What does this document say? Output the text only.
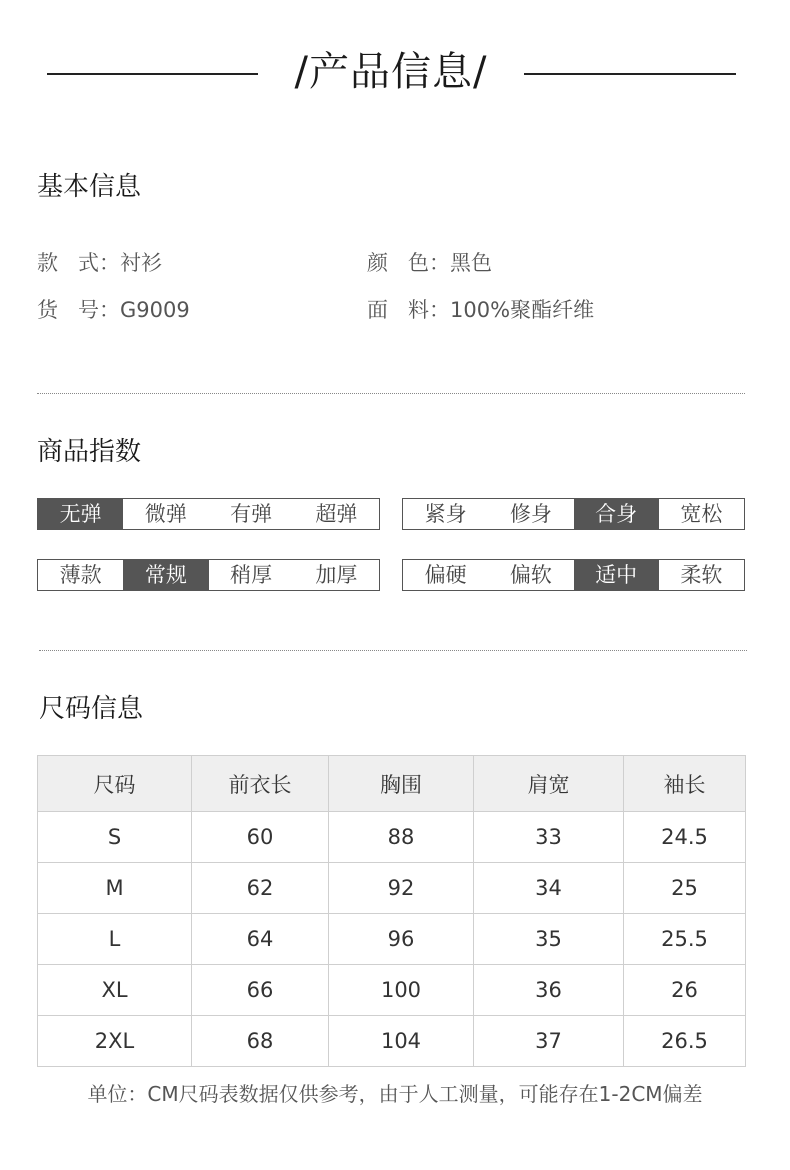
/产品信息/
基本信息
款   式：衬衫	颜   色：黑色
货   号：G9009	面   料：100%聚酯纤维
商品指数
无弹	微弹	有弹	超弹	紧身	修身	合身	宽松
薄款	常规	稍厚	加厚	偏硬	偏软	适中	柔软
尺码信息
尺码	前衣长	胸围	肩宽	袖长
S	60	88	33	24.5
M	62	92	34	25
L	64	96	35	25.5
XL	66	100	36	26
2XL	68	104	37	26.5
单位：CM尺码表数据仅供参考，由于人工测量，可能存在1-2CM偏差
